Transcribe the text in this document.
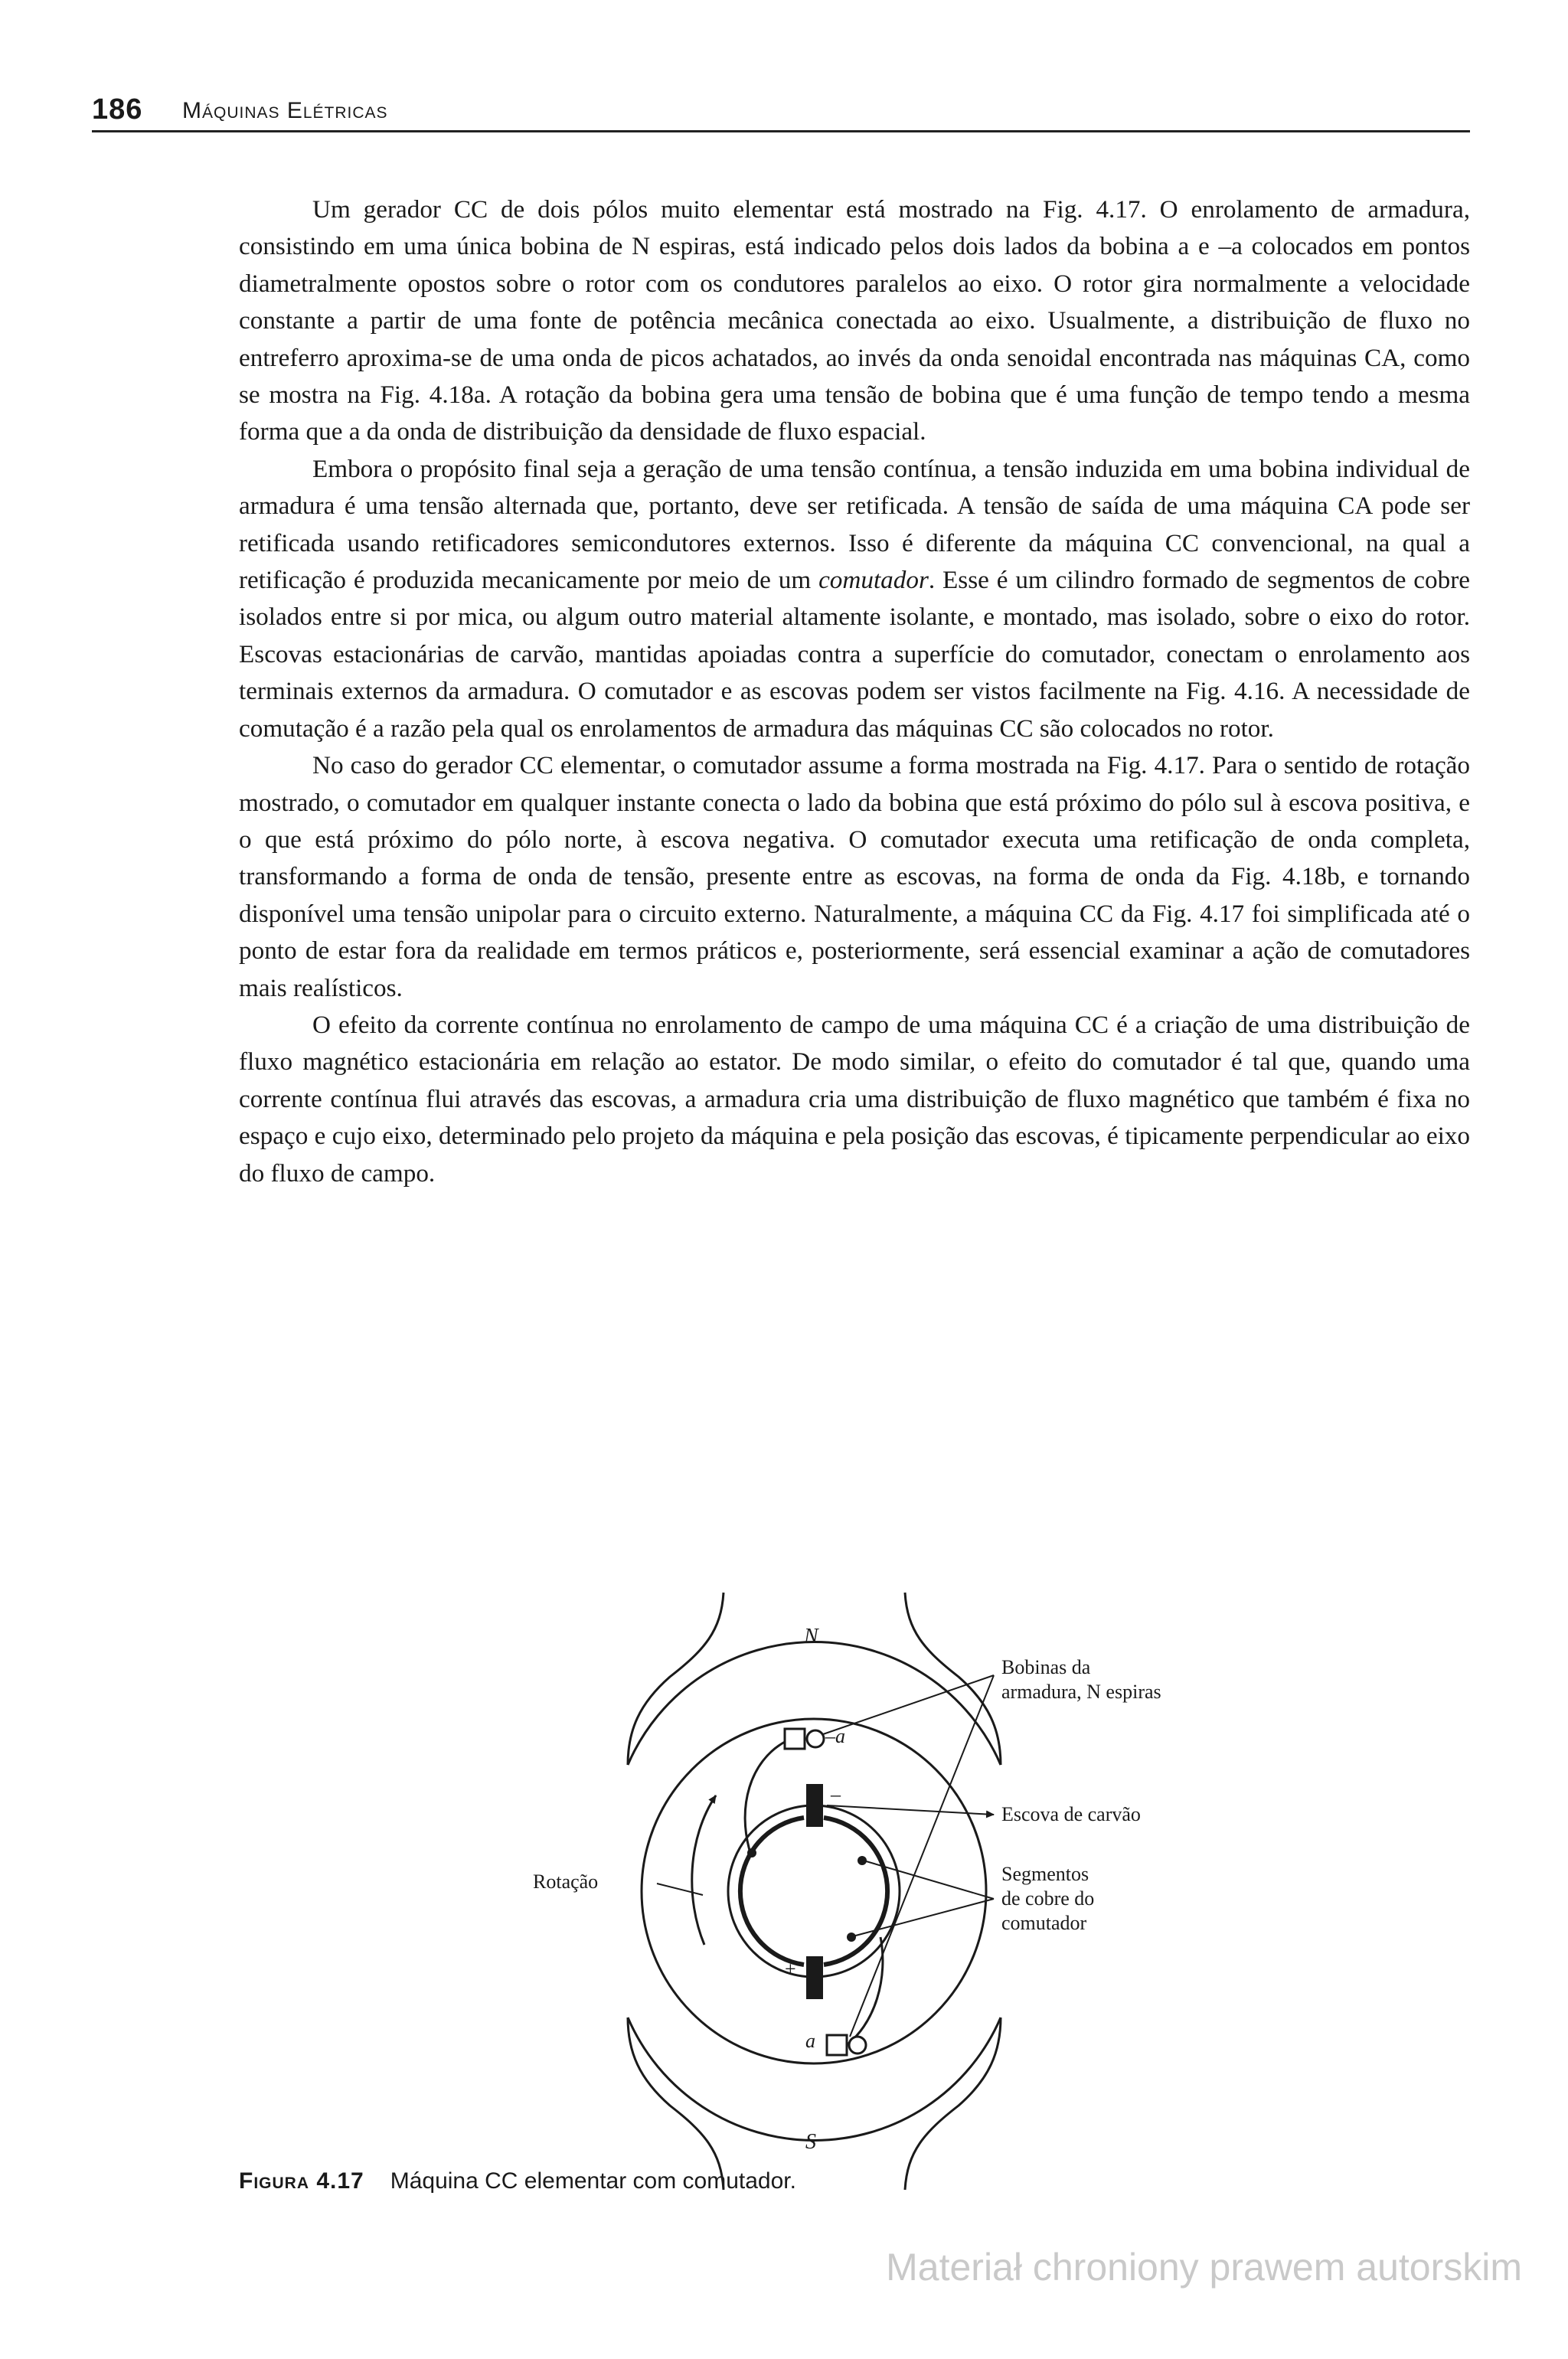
186 Máquinas Elétricas

Um gerador CC de dois pólos muito elementar está mostrado na Fig. 4.17. O enrolamento de armadura, consistindo em uma única bobina de N espiras, está indicado pelos dois lados da bobina a e –a colocados em pontos diametralmente opostos sobre o rotor com os condutores paralelos ao eixo. O rotor gira normalmente a velocidade constante a partir de uma fonte de potência mecânica conectada ao eixo. Usualmente, a distribuição de fluxo no entreferro aproxima-se de uma onda de picos achatados, ao invés da onda senoidal encontrada nas máquinas CA, como se mostra na Fig. 4.18a. A rotação da bobina gera uma tensão de bobina que é uma função de tempo tendo a mesma forma que a da onda de distribuição da densidade de fluxo espacial.

Embora o propósito final seja a geração de uma tensão contínua, a tensão induzida em uma bobina individual de armadura é uma tensão alternada que, portanto, deve ser retificada. A tensão de saída de uma máquina CA pode ser retificada usando retificadores semicondutores externos. Isso é diferente da máquina CC convencional, na qual a retificação é produzida mecanicamente por meio de um comutador. Esse é um cilindro formado de segmentos de cobre isolados entre si por mica, ou algum outro material altamente isolante, e montado, mas isolado, sobre o eixo do rotor. Escovas estacionárias de carvão, mantidas apoiadas contra a superfície do comutador, conectam o enrolamento aos terminais externos da armadura. O comutador e as escovas podem ser vistos facilmente na Fig. 4.16. A necessidade de comutação é a razão pela qual os enrolamentos de armadura das máquinas CC são colocados no rotor.

No caso do gerador CC elementar, o comutador assume a forma mostrada na Fig. 4.17. Para o sentido de rotação mostrado, o comutador em qualquer instante conecta o lado da bobina que está próximo do pólo sul à escova positiva, e o que está próximo do pólo norte, à escova negativa. O comutador executa uma retificação de onda completa, transformando a forma de onda de tensão, presente entre as escovas, na forma de onda da Fig. 4.18b, e tornando disponível uma tensão unipolar para o circuito externo. Naturalmente, a máquina CC da Fig. 4.17 foi simplificada até o ponto de estar fora da realidade em termos práticos e, posteriormente, será essencial examinar a ação de comutadores mais realísticos.

O efeito da corrente contínua no enrolamento de campo de uma máquina CC é a criação de uma distribuição de fluxo magnético estacionária em relação ao estator. De modo similar, o efeito do comutador é tal que, quando uma corrente contínua flui através das escovas, a armadura cria uma distribuição de fluxo magnético que também é fixa no espaço e cujo eixo, determinado pelo projeto da máquina e pela posição das escovas, é tipicamente perpendicular ao eixo do fluxo de campo.

N
S
–a
a
–
+
Rotação
Bobinas da
armadura, N espiras
Escova de carvão
Segmentos
de cobre do
comutador
Figura 4.17 Máquina CC elementar com comutador.
Materiał chroniony prawem autorskim
